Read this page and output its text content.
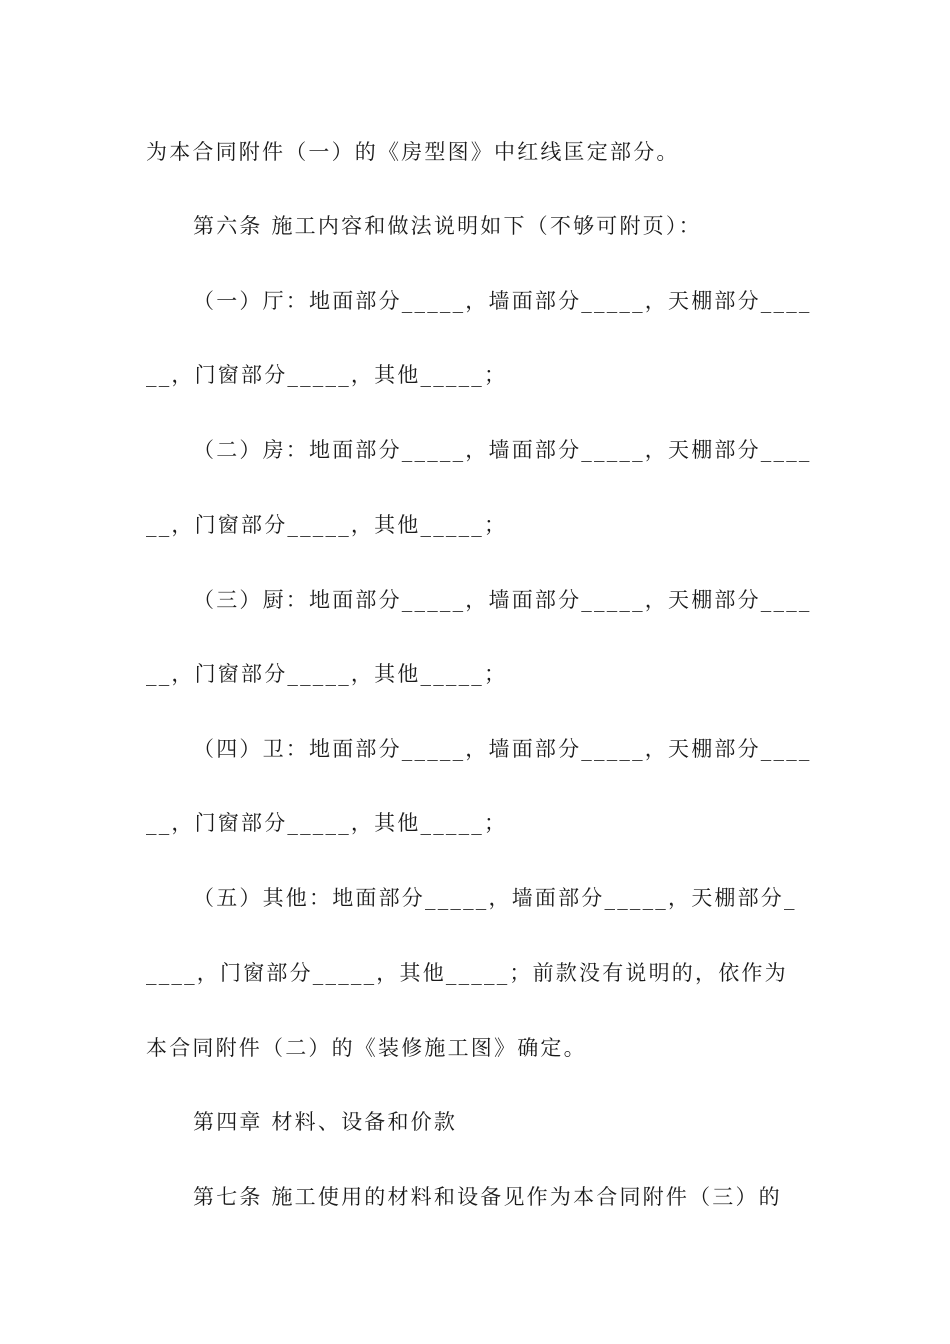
为本合同附件（一）的《房型图》中红线匡定部分。
第六条 施工内容和做法说明如下（不够可附页）：
（一）厅：地面部分_____，墙面部分_____，天棚部分____
__，门窗部分_____，其他_____；
（二）房：地面部分_____，墙面部分_____，天棚部分____
__，门窗部分_____，其他_____；
（三）厨：地面部分_____，墙面部分_____，天棚部分____
__，门窗部分_____，其他_____；
（四）卫：地面部分_____，墙面部分_____，天棚部分____
__，门窗部分_____，其他_____；
（五）其他：地面部分_____，墙面部分_____，天棚部分_
____，门窗部分_____，其他_____；前款没有说明的，依作为
本合同附件（二）的《装修施工图》确定。
第四章 材料、设备和价款
第七条 施工使用的材料和设备见作为本合同附件（三）的
